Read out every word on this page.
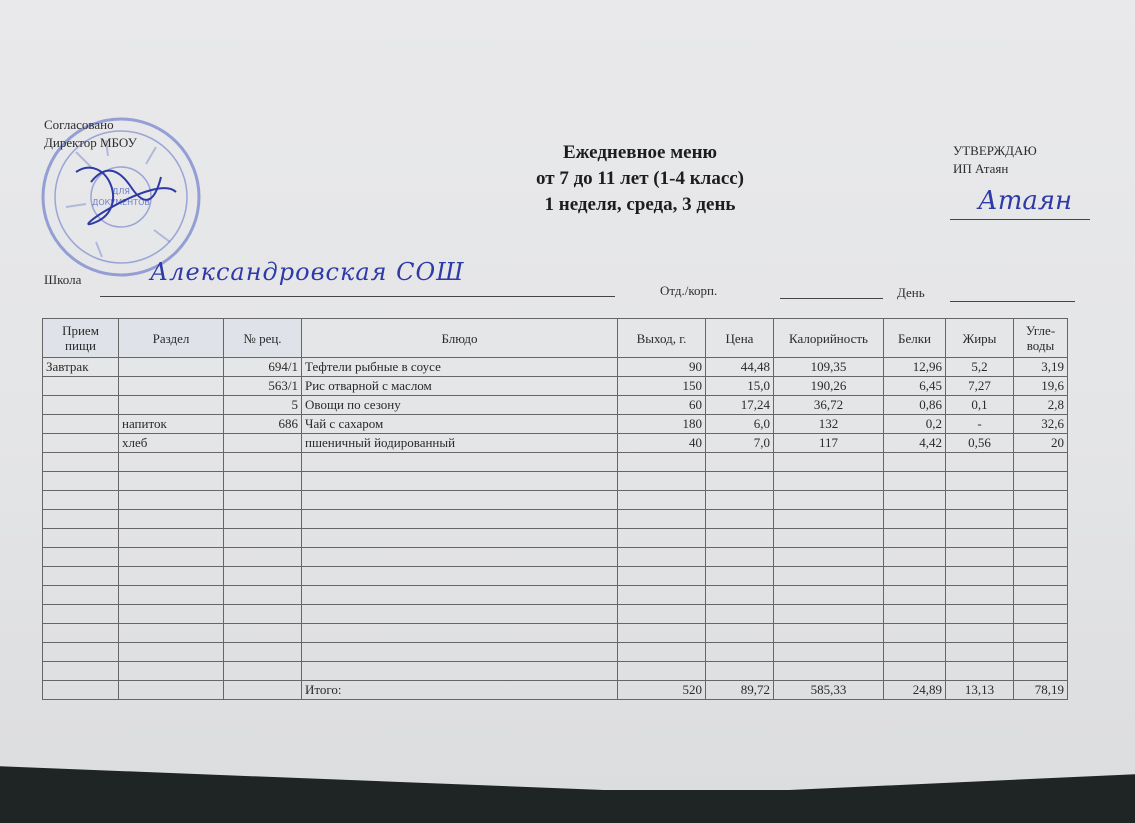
ДЛЯ
ДОКУМЕНТОВ
Согласовано
Директор МБОУ	Ежедневное меню
от 7 до 11 лет (1-4 класс)
1 неделя, среда, 3 день
УТВЕРЖДАЮ
ИП Атаян
Атаян
Школа	Александровская СОШ
Отд./корп.	День
Прием пищи	Раздел	№ рец.	Блюдо	Выход, г.	Цена	Калорийность	Белки	Жиры	Угле-воды
Завтрак		694/1	Тефтели рыбные в соусе	90	44,48	109,35	12,96	5,2	3,19
		563/1	Рис отварной с маслом	150	15,0	190,26	6,45	7,27	19,6
		5	Овощи по сезону	60	17,24	36,72	0,86	0,1	2,8
	напиток	686	Чай с сахаром	180	6,0	132	0,2	-	32,6
	хлеб		пшеничный йодированный	40	7,0	117	4,42	0,56	20

			Итого:	520	89,72	585,33	24,89	13,13	78,19
